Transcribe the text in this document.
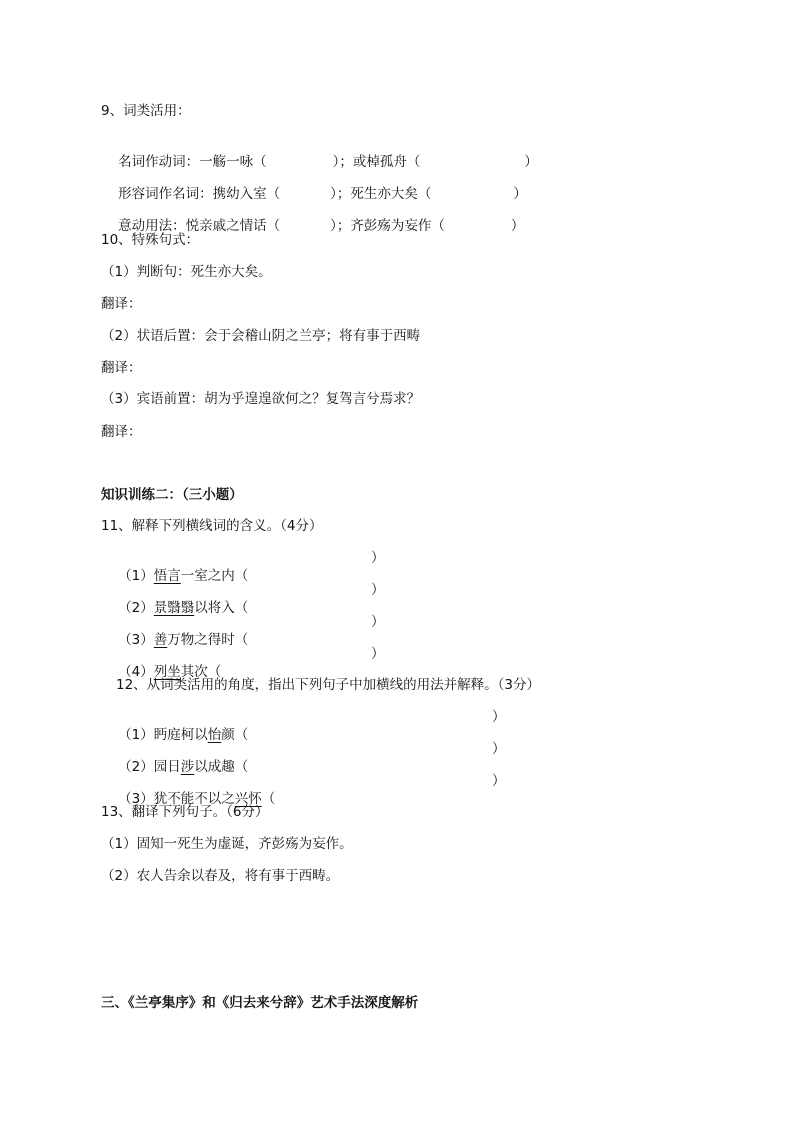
9、词类活用：

名词作动词：一觞一咏（	）；或棹孤舟（	）

形容词作名词：携幼入室（	）；死生亦大矣（	）

意动用法：悦亲戚之情话（	）；齐彭殇为妄作（	）

10、特殊句式：
（1）判断句：死生亦大矣。
翻译：
（2）状语后置：会于会稽山阴之兰亭；将有事于西畴
翻译：
（3）宾语前置：胡为乎遑遑欲何之？复驾言兮焉求？
翻译：
知识训练二：（三小题）
11、解释下列横线词的含义。（4分）

（1）悟言一室之内（
）

（2）景翳翳以将入（
）

（3）善万物之得时（
）

（4）列坐其次（
）

12、从词类活用的角度，指出下列句子中加横线的用法并解释。（3分）

（1）眄庭柯以怡颜（
）

（2）园日涉以成趣（
）

（3）犹不能不以之兴怀（
）

13、翻译下列句子。（6分）
（1）固知一死生为虚诞，齐彭殇为妄作。
（2）农人告余以春及，将有事于西畴。
三、《兰亭集序》和《归去来兮辞》艺术手法深度解析
